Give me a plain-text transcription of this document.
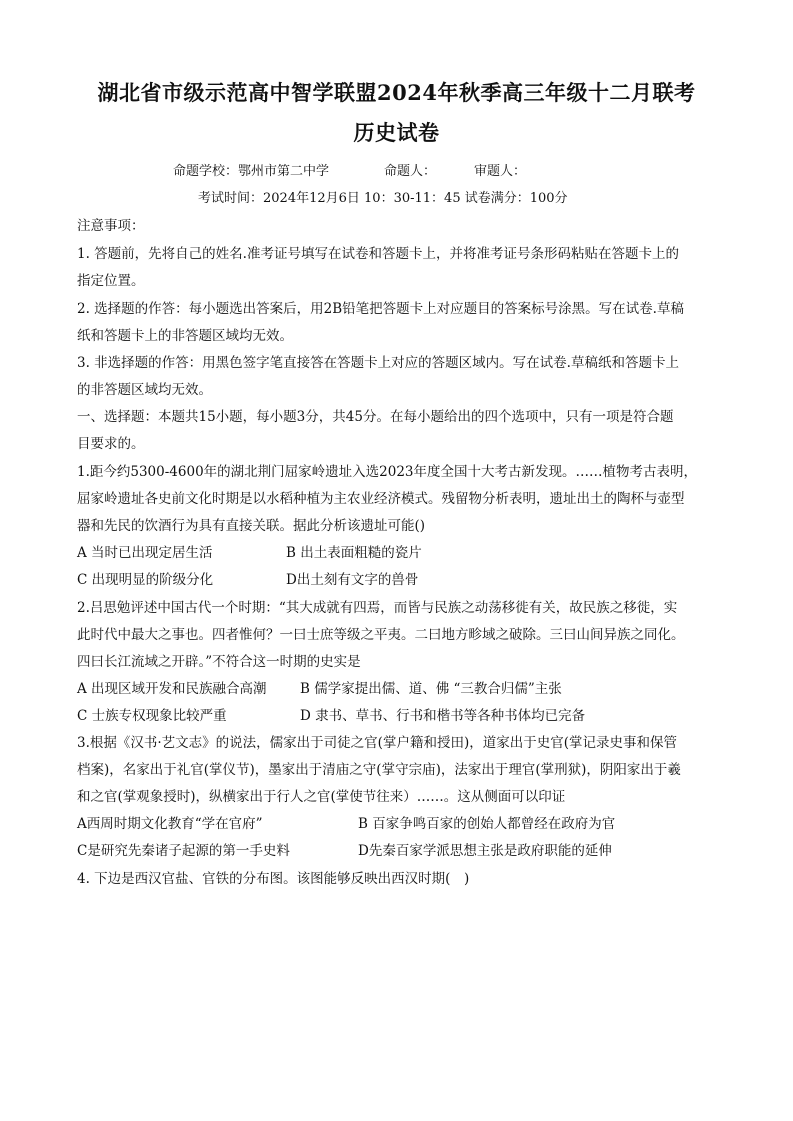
湖北省市级示范高中智学联盟2024年秋季高三年级十二月联考
历史试卷
命题学校：鄂州市第二中学	命题人：	审题人：
考试时间：2024年12月6日 10：30-11：45 试卷满分：100分
注意事项：
1. 答题前，先将自己的姓名.准考证号填写在试卷和答题卡上，并将准考证号条形码粘贴在答题卡上的
指定位置。
2. 选择题的作答：每小题选出答案后，用2B铅笔把答题卡上对应题目的答案标号涂黑。写在试卷.草稿
纸和答题卡上的非答题区域均无效。
3. 非选择题的作答：用黑色签字笔直接答在答题卡上对应的答题区域内。写在试卷.草稿纸和答题卡上
的非答题区域均无效。
一、选择题：本题共15小题，每小题3分，共45分。在每小题给出的四个选项中，只有一项是符合题
目要求的。
1.距今约5300-4600年的湖北荆门屈家岭遗址入选2023年度全国十大考古新发现。……植物考古表明，
屈家岭遗址各史前文化时期是以水稻种植为主农业经济模式。残留物分析表明，遗址出土的陶杯与壶型
器和先民的饮酒行为具有直接关联。据此分析该遗址可能()
A 当时已出现定居生活	B 出土表面粗糙的瓷片
C 出现明显的阶级分化	D出土刻有文字的兽骨
2.吕思勉评述中国古代一个时期：“其大成就有四焉，而皆与民族之动荡移徙有关，故民族之移徙，实
此时代中最大之事也。四者惟何？一曰士庶等级之平夷。二曰地方畛域之破除。三曰山间异族之同化。
四曰长江流域之开辟。”不符合这一时期的史实是
A 出现区域开发和民族融合高潮 B 儒学家提出儒、道、佛 “三教合归儒”主张
C 士族专权现象比较严重	D 隶书、草书、行书和楷书等各种书体均已完备
3.根据《汉书·艺文志》的说法，儒家出于司徒之官(掌户籍和授田)，道家出于史官(掌记录史事和保管
档案)，名家出于礼官(掌仪节)，墨家出于清庙之守(掌守宗庙)，法家出于理官(掌刑狱)，阴阳家出于羲
和之官(掌观象授时)，纵横家出于行人之官(掌使节往来）……。这从侧面可以印证
A西周时期文化教育“学在官府”	B 百家争鸣百家的创始人都曾经在政府为官
C是研究先秦诸子起源的第一手史料	D先秦百家学派思想主张是政府职能的延伸
4. 下边是西汉官盐、官铁的分布图。该图能够反映出西汉时期(　)
